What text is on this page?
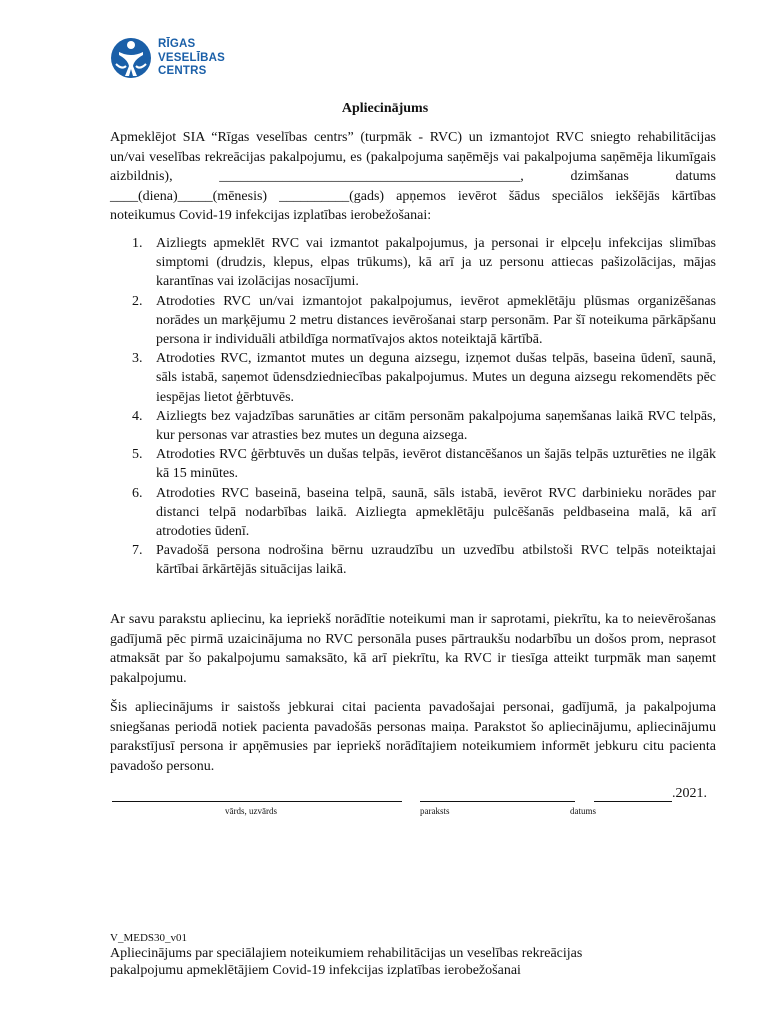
RĪGAS
VESELĪBAS
CENTRS
Apliecinājums
Apmeklējot SIA “Rīgas veselības centrs” (turpmāk - RVC) un izmantojot RVC sniegto rehabilitācijas un/vai veselības rekreācijas pakalpojumu, es (pakalpojuma saņēmējs vai pakalpojuma saņēmēja likumīgais aizbildnis), ___________________________________________, dzimšanas datums ____(diena)_____(mēnesis) __________(gads) apņemos ievērot šādus speciālos iekšējās kārtības noteikumus Covid-19 infekcijas izplatības ierobežošanai:
1. Aizliegts apmeklēt RVC vai izmantot pakalpojumus, ja personai ir elpceļu infekcijas slimības simptomi (drudzis, klepus, elpas trūkums), kā arī ja uz personu attiecas pašizolācijas, mājas karantīnas vai izolācijas nosacījumi.
2. Atrodoties RVC un/vai izmantojot pakalpojumus, ievērot apmeklētāju plūsmas organizēšanas norādes un marķējumu 2 metru distances ievērošanai starp personām. Par šī noteikuma pārkāpšanu persona ir individuāli atbildīga normatīvajos aktos noteiktajā kārtībā.
3. Atrodoties RVC, izmantot mutes un deguna aizsegu, izņemot dušas telpās, baseina ūdenī, saunā, sāls istabā, saņemot ūdensdziedniecības pakalpojumus. Mutes un deguna aizsegu rekomendēts pēc iespējas lietot ģērbtuvēs.
4. Aizliegts bez vajadzības sarunāties ar citām personām pakalpojuma saņemšanas laikā RVC telpās, kur personas var atrasties bez mutes un deguna aizsega.
5. Atrodoties RVC ģērbtuvēs un dušas telpās, ievērot distancēšanos un šajās telpās uzturēties ne ilgāk kā 15 minūtes.
6. Atrodoties RVC baseinā, baseina telpā, saunā, sāls istabā, ievērot RVC darbinieku norādes par distanci telpā nodarbības laikā. Aizliegta apmeklētāju pulcēšanās peldbaseina malā, kā arī atrodoties ūdenī.
7. Pavadošā persona nodrošina bērnu uzraudzību un uzvedību atbilstoši RVC telpās noteiktajai kārtībai ārkārtējās situācijas laikā.
Ar savu parakstu apliecinu, ka iepriekš norādītie noteikumi man ir saprotami, piekrītu, ka to neievērošanas gadījumā pēc pirmā uzaicinājuma no RVC personāla puses pārtraukšu nodarbību un došos prom, neprasot atmaksāt par šo pakalpojumu samaksāto, kā arī piekrītu, ka RVC ir tiesīga atteikt turpmāk man saņemt pakalpojumu.
Šis apliecinājums ir saistošs jebkurai citai pacienta pavadošajai personai, gadījumā, ja pakalpojuma sniegšanas periodā notiek pacienta pavadošās personas maiņa. Parakstot šo apliecinājumu, apliecinājumu parakstījusī persona ir apņēmusies par iepriekš norādītajiem noteikumiem informēt jebkuru citu pacienta pavadošo personu.
vārds, uzvārds	paraksts	datums
.2021.
V_MEDS30_v01
Apliecinājums par speciālajiem noteikumiem rehabilitācijas un veselības rekreācijas
pakalpojumu apmeklētājiem Covid-19 infekcijas izplatības ierobežošanai
